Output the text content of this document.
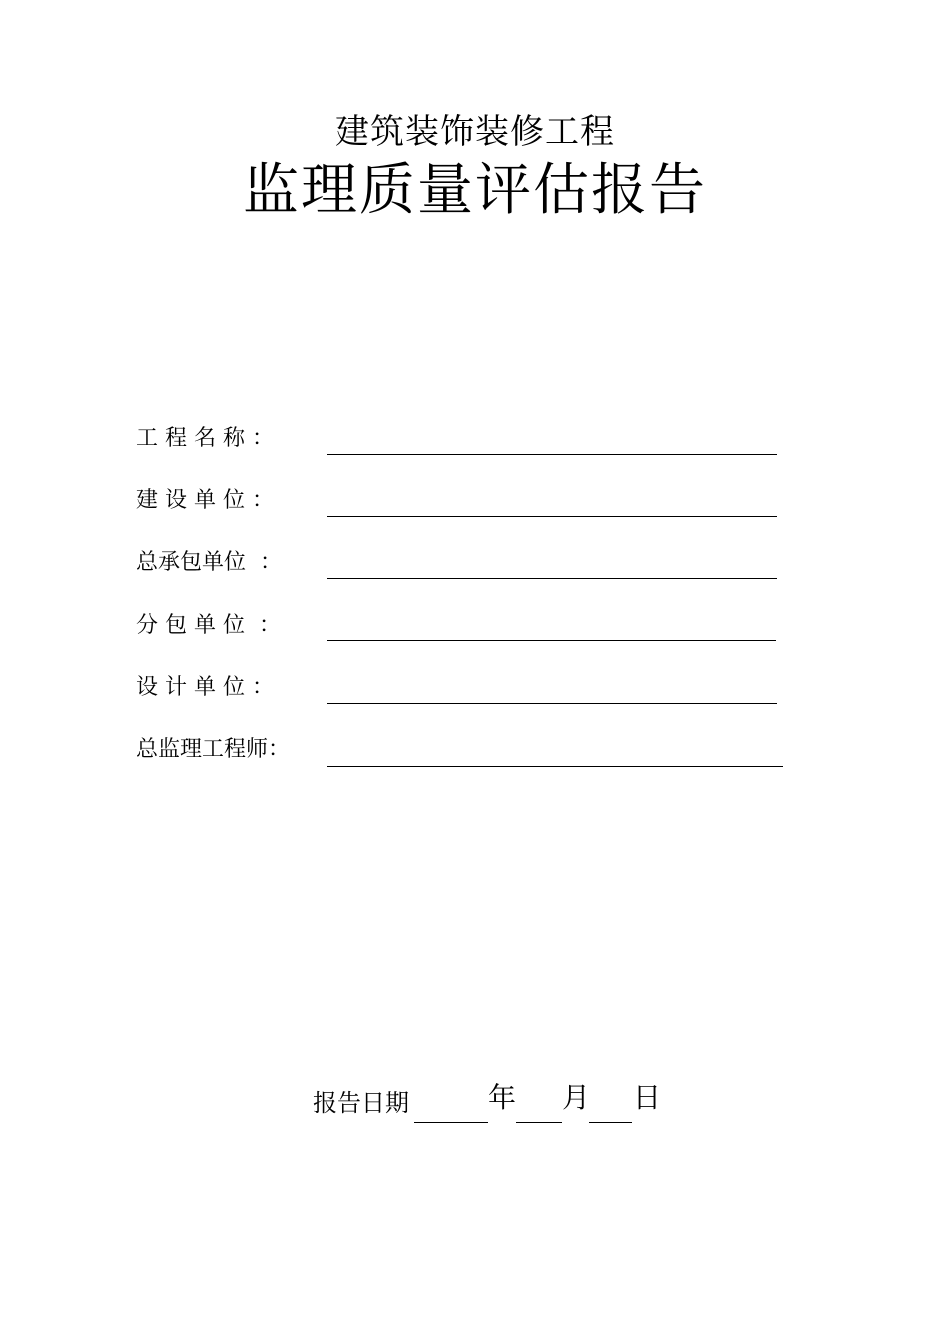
建筑装饰装修工程
监理质量评估报告
工 程 名 称 ：
建 设 单 位 ：
总承包单位  ：
分 包 单 位  ：
设 计 单 位 ：
总监理工程师：
报告日期	年 月 日
